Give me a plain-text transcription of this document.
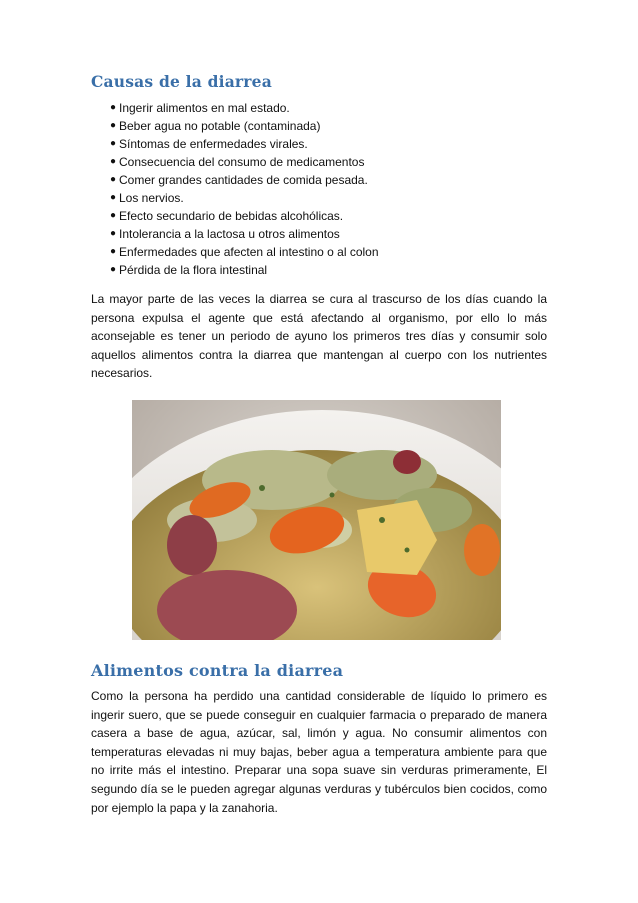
Causas de la diarrea
● Ingerir alimentos en mal estado.
● Beber agua no potable (contaminada)
● Síntomas de enfermedades virales.
● Consecuencia del consumo de medicamentos
● Comer grandes cantidades de comida pesada.
● Los nervios.
● Efecto secundario de bebidas alcohólicas.
● Intolerancia a la lactosa u otros alimentos
● Enfermedades que afecten al intestino o al colon
● Pérdida de la flora intestinal

La mayor parte de las veces la diarrea se cura al trascurso de los días cuando la persona expulsa el agente que está afectando al organismo, por ello lo más aconsejable es tener un periodo de ayuno los primeros tres días y consumir solo aquellos alimentos contra la diarrea que mantengan al cuerpo con los nutrientes necesarios.

Alimentos contra la diarrea

Como la persona ha perdido una cantidad considerable de líquido lo primero es ingerir suero, que se puede conseguir en cualquier farmacia o preparado de manera casera a base de agua, azúcar, sal, limón y agua. No consumir alimentos con temperaturas elevadas ni muy bajas, beber agua a temperatura ambiente para que no irrite más el intestino. Preparar una sopa suave sin verduras primeramente, El segundo día se le pueden agregar algunas verduras y tubérculos bien cocidos, como por ejemplo la papa y la zanahoria.
